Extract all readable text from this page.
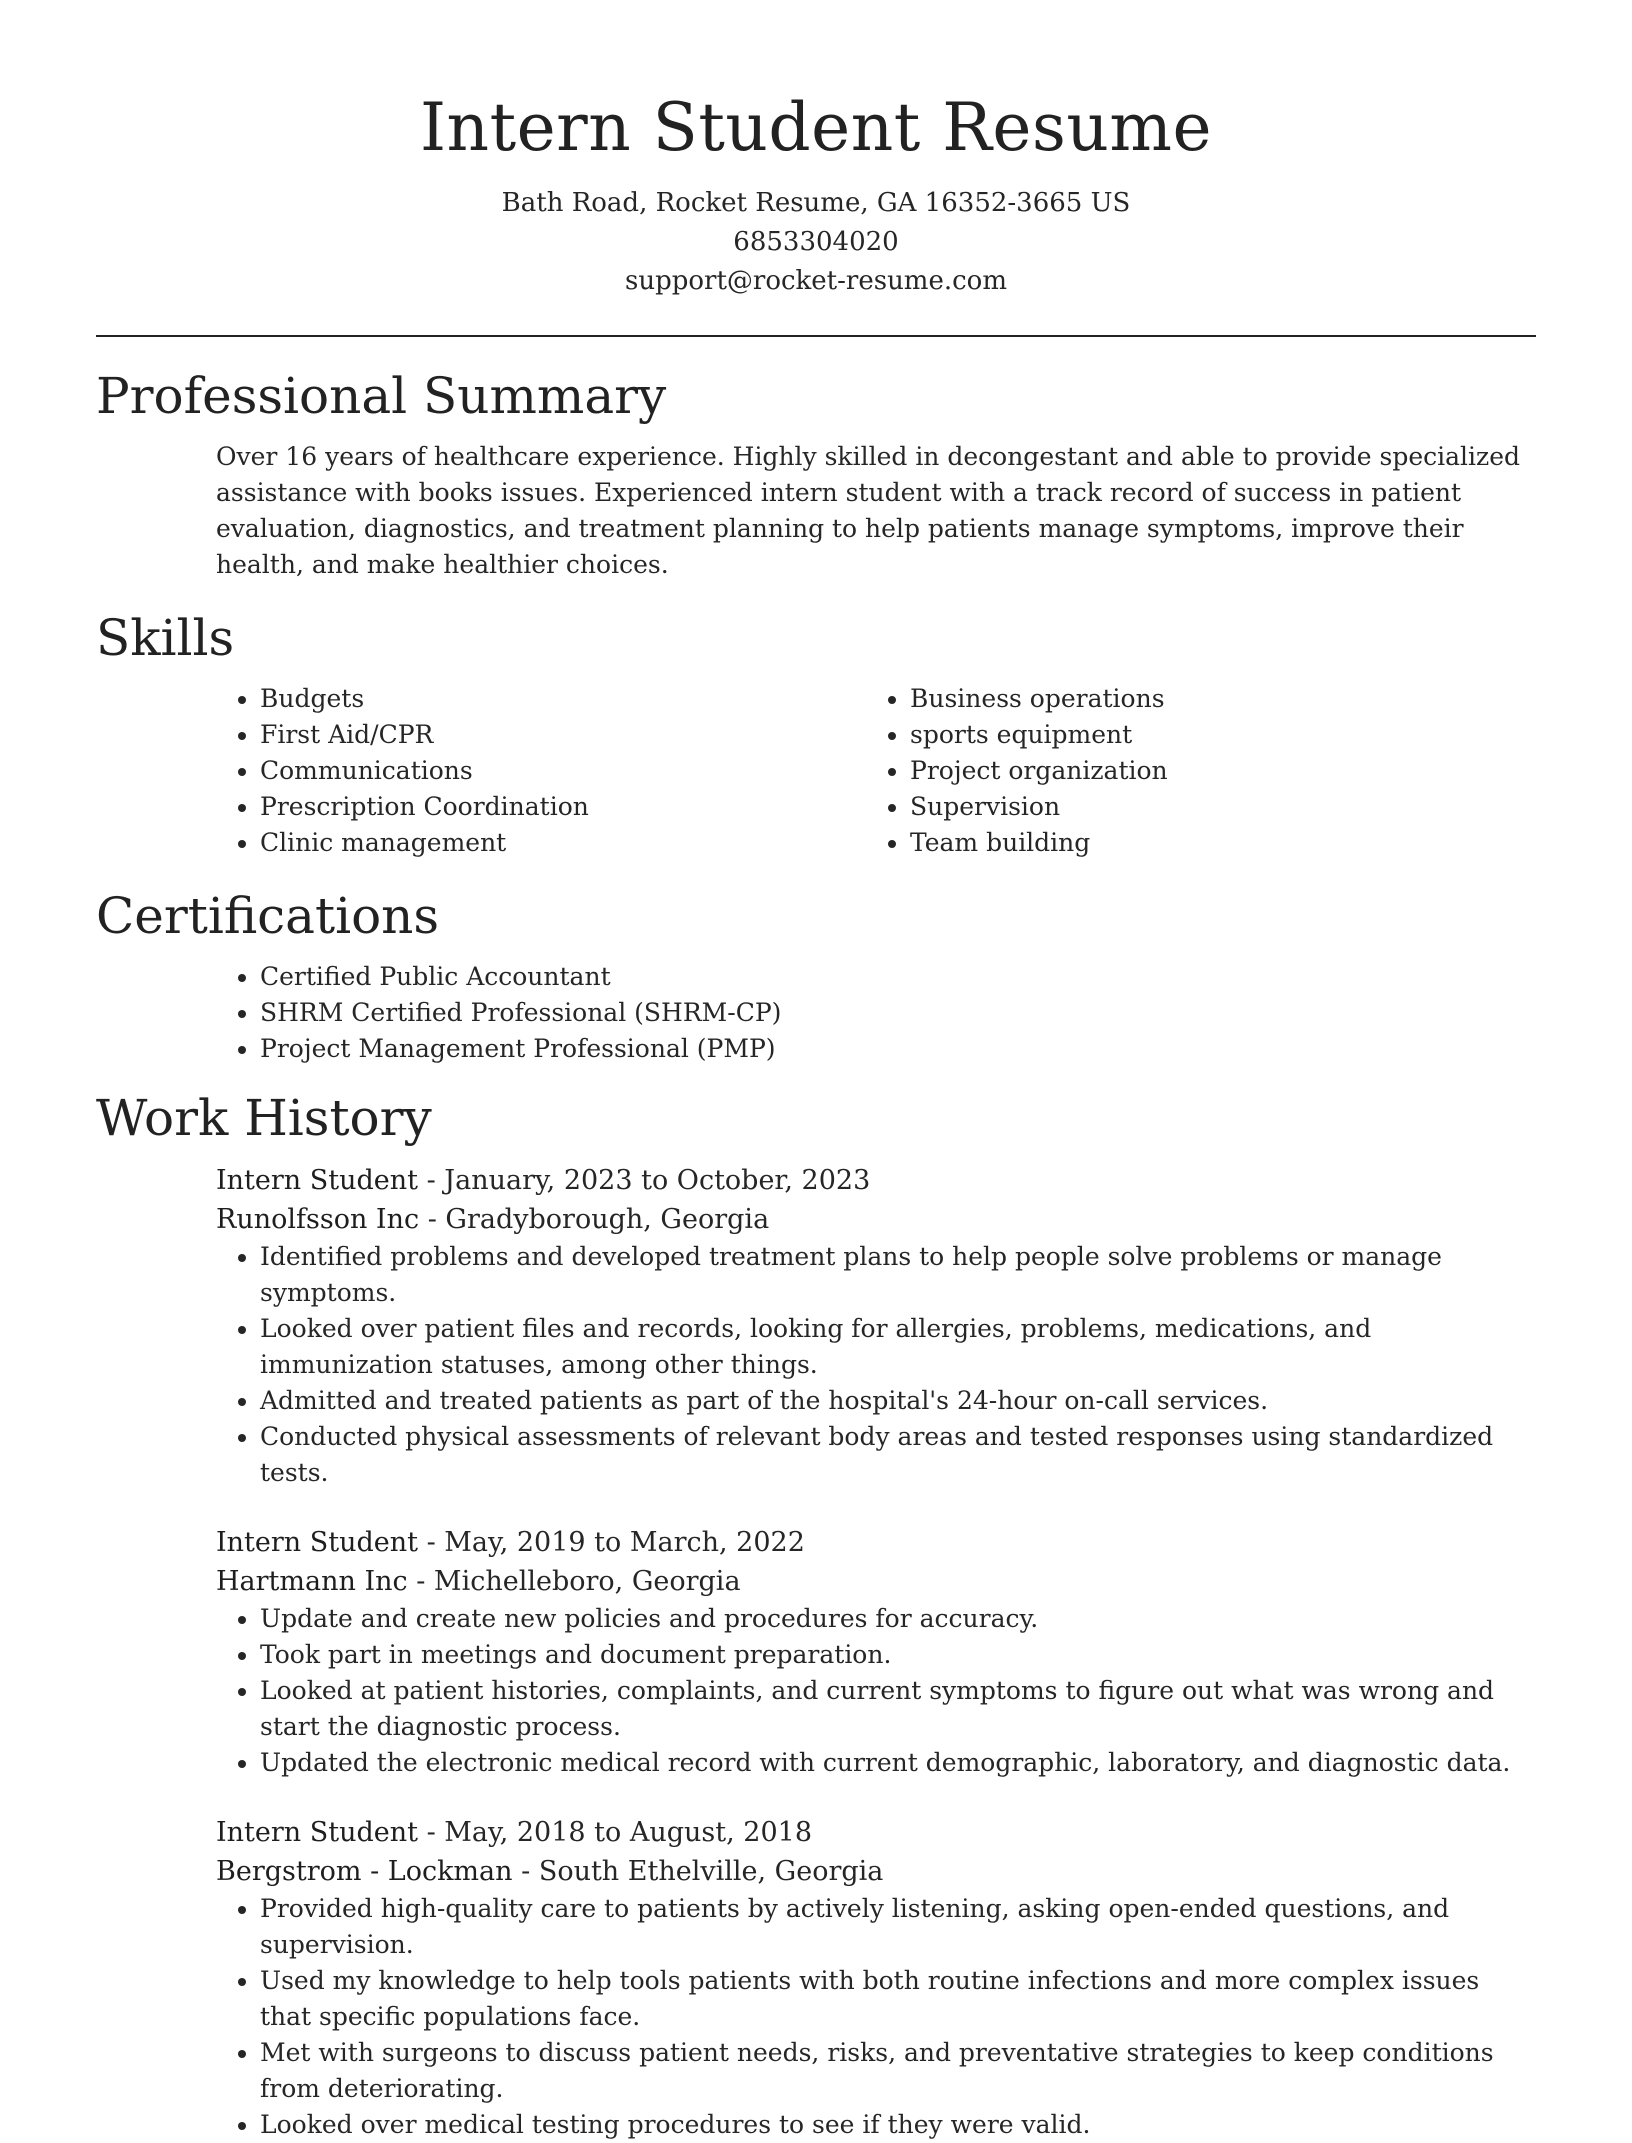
Intern Student Resume

Bath Road, Rocket Resume, GA 16352-3665 US

6853304020

support@rocket-resume.com

Professional Summary

Over 16 years of healthcare experience. Highly skilled in decongestant and able to provide specialized assistance with books issues. Experienced intern student with a track record of success in patient evaluation, diagnostics, and treatment planning to help patients manage symptoms, improve their health, and make healthier choices.

Skills
• Budgets
• First Aid/CPR
• Communications
• Prescription Coordination
• Clinic management
• Business operations
• sports equipment
• Project organization
• Supervision
• Team building
Certifications
• Certified Public Accountant
• SHRM Certified Professional (SHRM-CP)
• Project Management Professional (PMP)
Work History

Intern Student - January, 2023 to October, 2023

Runolfsson Inc - Gradyborough, Georgia

• Identified problems and developed treatment plans to help people solve problems or manage symptoms.
• Looked over patient files and records, looking for allergies, problems, medications, and immunization statuses, among other things.
• Admitted and treated patients as part of the hospital's 24-hour on-call services.
• Conducted physical assessments of relevant body areas and tested responses using standardized tests.

Intern Student - May, 2019 to March, 2022

Hartmann Inc - Michelleboro, Georgia

• Update and create new policies and procedures for accuracy.
• Took part in meetings and document preparation.
• Looked at patient histories, complaints, and current symptoms to figure out what was wrong and start the diagnostic process.
• Updated the electronic medical record with current demographic, laboratory, and diagnostic data.

Intern Student - May, 2018 to August, 2018

Bergstrom - Lockman - South Ethelville, Georgia

• Provided high-quality care to patients by actively listening, asking open-ended questions, and supervision.
• Used my knowledge to help tools patients with both routine infections and more complex issues that specific populations face.
• Met with surgeons to discuss patient needs, risks, and preventative strategies to keep conditions from deteriorating.
• Looked over medical testing procedures to see if they were valid.
